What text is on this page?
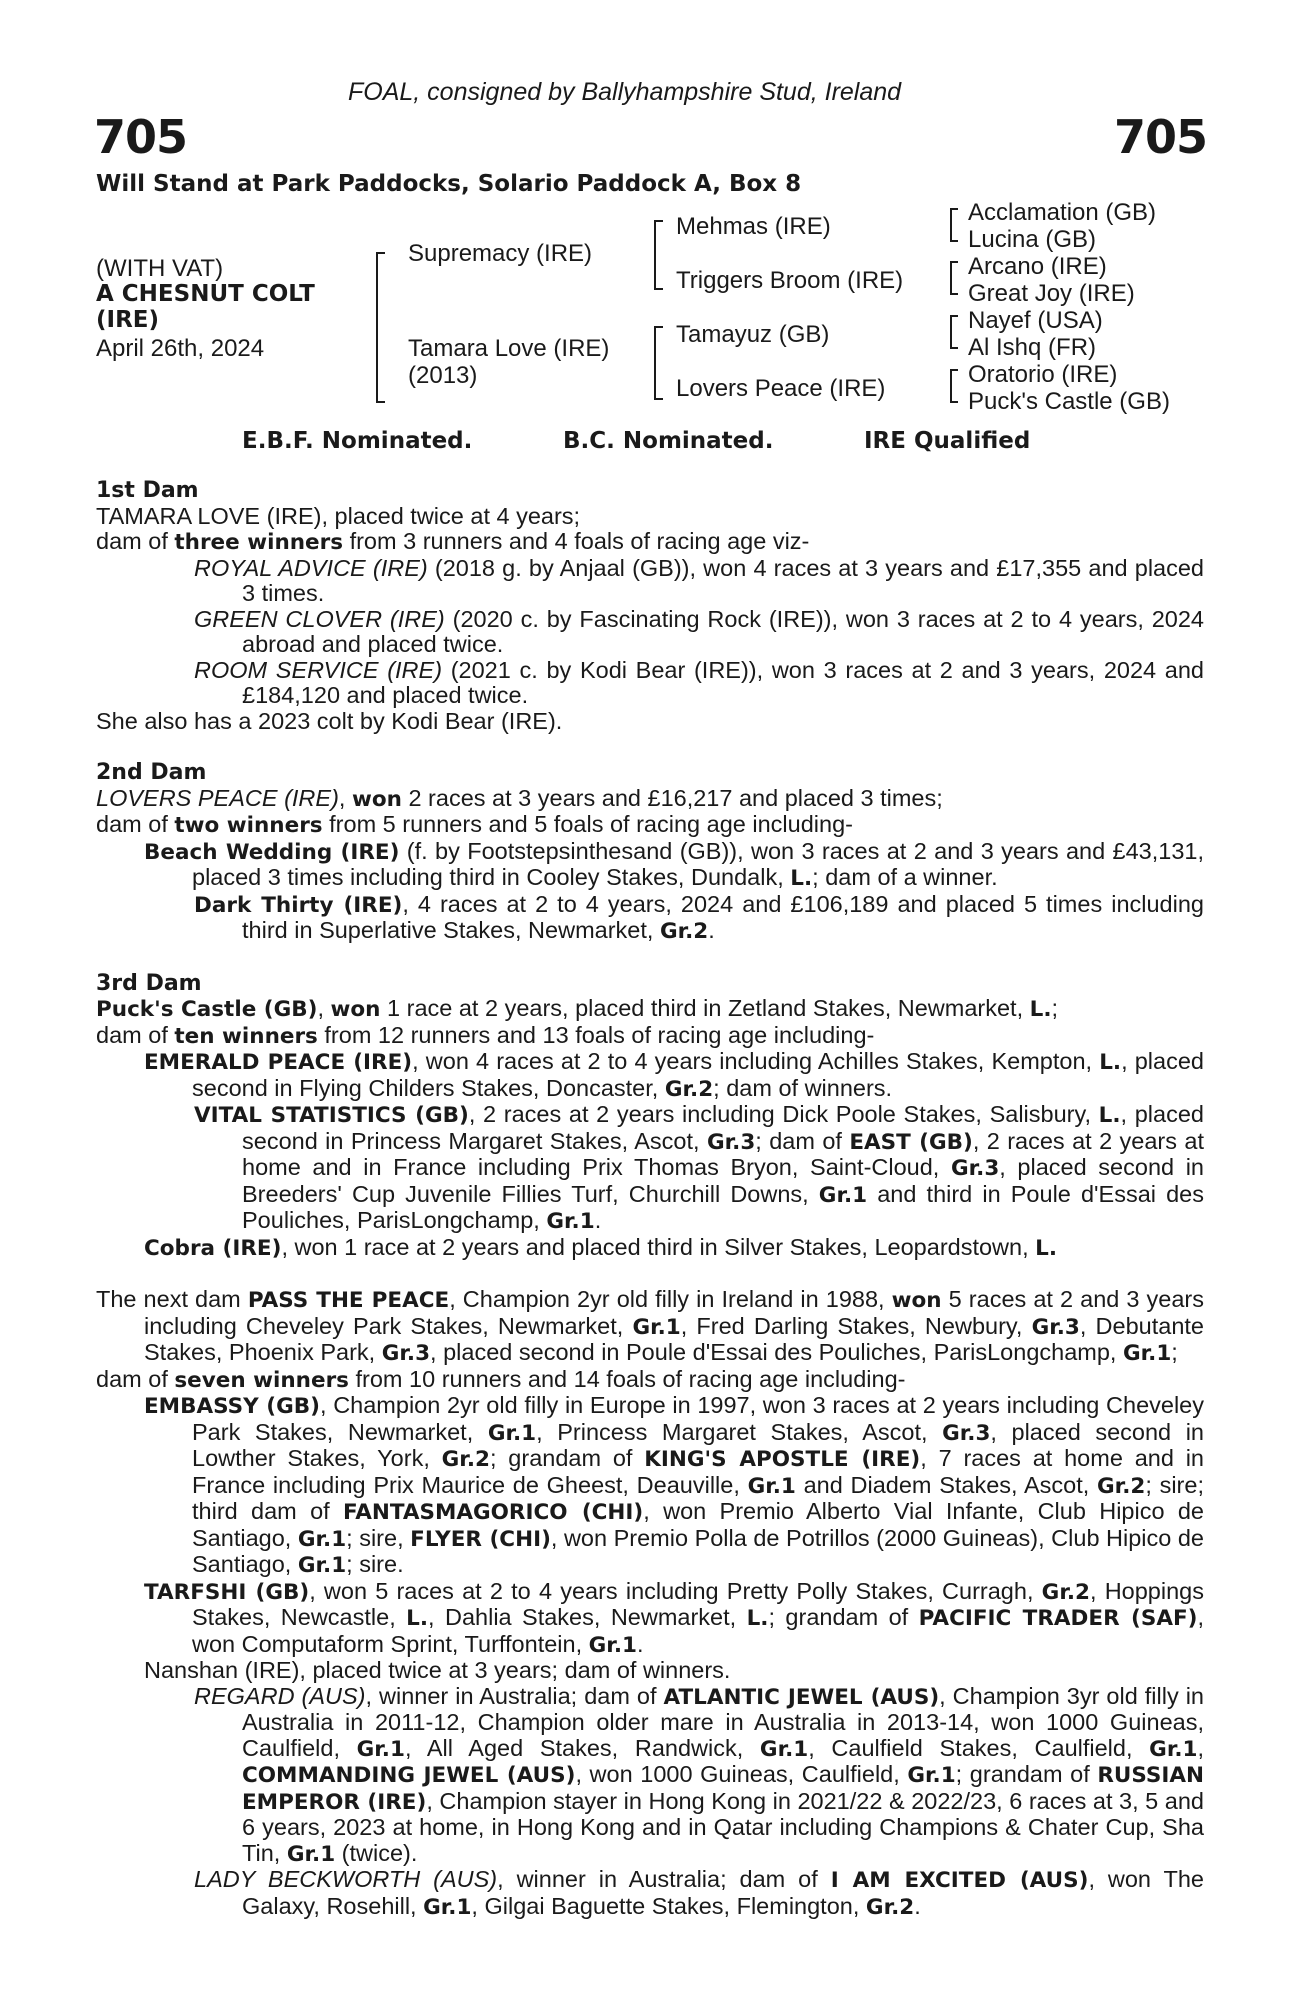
FOAL, consigned by Ballyhampshire Stud, Ireland
705	705
Will Stand at Park Paddocks, Solario Paddock A, Box 8
(WITH VAT)
A CHESNUT COLT
(IRE)
April 26th, 2024
Supremacy (IRE)
Tamara Love (IRE)
(2013)
Mehmas (IRE)
Triggers Broom (IRE)
Tamayuz (GB)
Lovers Peace (IRE)
Acclamation (GB)
Lucina (GB)
Arcano (IRE)
Great Joy (IRE)
Nayef (USA)
Al Ishq (FR)
Oratorio (IRE)
Puck's Castle (GB)
E.B.F. Nominated.	B.C. Nominated.	IRE Qualified

1st Dam

TAMARA LOVE (IRE), placed twice at 4 years;

dam of three winners from 3 runners and 4 foals of racing age viz-

ROYAL ADVICE (IRE) (2018 g. by Anjaal (GB)), won 4 races at 3 years and £17,355 and placed 3 times.

GREEN CLOVER (IRE) (2020 c. by Fascinating Rock (IRE)), won 3 races at 2 to 4 years, 2024 abroad and placed twice.

ROOM SERVICE (IRE) (2021 c. by Kodi Bear (IRE)), won 3 races at 2 and 3 years, 2024 and £184,120 and placed twice.

She also has a 2023 colt by Kodi Bear (IRE).

2nd Dam

LOVERS PEACE (IRE), won 2 races at 3 years and £16,217 and placed 3 times;

dam of two winners from 5 runners and 5 foals of racing age including-

Beach Wedding (IRE) (f. by Footstepsinthesand (GB)), won 3 races at 2 and 3 years and £43,131, placed 3 times including third in Cooley Stakes, Dundalk, L.; dam of a winner.

Dark Thirty (IRE), 4 races at 2 to 4 years, 2024 and £106,189 and placed 5 times including third in Superlative Stakes, Newmarket, Gr.2.

3rd Dam

Puck's Castle (GB), won 1 race at 2 years, placed third in Zetland Stakes, Newmarket, L.;

dam of ten winners from 12 runners and 13 foals of racing age including-

EMERALD PEACE (IRE), won 4 races at 2 to 4 years including Achilles Stakes, Kempton, L., placed second in Flying Childers Stakes, Doncaster, Gr.2; dam of winners.

VITAL STATISTICS (GB), 2 races at 2 years including Dick Poole Stakes, Salisbury, L., placed second in Princess Margaret Stakes, Ascot, Gr.3; dam of EAST (GB), 2 races at 2 years at home and in France including Prix Thomas Bryon, Saint-Cloud, Gr.3, placed second in Breeders' Cup Juvenile Fillies Turf, Churchill Downs, Gr.1 and third in Poule d'Essai des Pouliches, ParisLongchamp, Gr.1.

Cobra (IRE), won 1 race at 2 years and placed third in Silver Stakes, Leopardstown, L.

The next dam PASS THE PEACE, Champion 2yr old filly in Ireland in 1988, won 5 races at 2 and 3 years including Cheveley Park Stakes, Newmarket, Gr.1, Fred Darling Stakes, Newbury, Gr.3, Debutante Stakes, Phoenix Park, Gr.3, placed second in Poule d'Essai des Pouliches, ParisLongchamp, Gr.1;

dam of seven winners from 10 runners and 14 foals of racing age including-

EMBASSY (GB), Champion 2yr old filly in Europe in 1997, won 3 races at 2 years including Cheveley Park Stakes, Newmarket, Gr.1, Princess Margaret Stakes, Ascot, Gr.3, placed second in Lowther Stakes, York, Gr.2; grandam of KING'S APOSTLE (IRE), 7 races at home and in France including Prix Maurice de Gheest, Deauville, Gr.1 and Diadem Stakes, Ascot, Gr.2; sire; third dam of FANTASMAGORICO (CHI), won Premio Alberto Vial Infante, Club Hipico de Santiago, Gr.1; sire, FLYER (CHI), won Premio Polla de Potrillos (2000 Guineas), Club Hipico de Santiago, Gr.1; sire.

TARFSHI (GB), won 5 races at 2 to 4 years including Pretty Polly Stakes, Curragh, Gr.2, Hoppings Stakes, Newcastle, L., Dahlia Stakes, Newmarket, L.; grandam of PACIFIC TRADER (SAF), won Computaform Sprint, Turffontein, Gr.1.

Nanshan (IRE), placed twice at 3 years; dam of winners.

REGARD (AUS), winner in Australia; dam of ATLANTIC JEWEL (AUS), Champion 3yr old filly in Australia in 2011-12, Champion older mare in Australia in 2013-14, won 1000 Guineas, Caulfield, Gr.1, All Aged Stakes, Randwick, Gr.1, Caulfield Stakes, Caulfield, Gr.1, COMMANDING JEWEL (AUS), won 1000 Guineas, Caulfield, Gr.1; grandam of RUSSIAN EMPEROR (IRE), Champion stayer in Hong Kong in 2021/22 & 2022/23, 6 races at 3, 5 and 6 years, 2023 at home, in Hong Kong and in Qatar including Champions & Chater Cup, Sha Tin, Gr.1 (twice).

LADY BECKWORTH (AUS), winner in Australia; dam of I AM EXCITED (AUS), won The Galaxy, Rosehill, Gr.1, Gilgai Baguette Stakes, Flemington, Gr.2.
